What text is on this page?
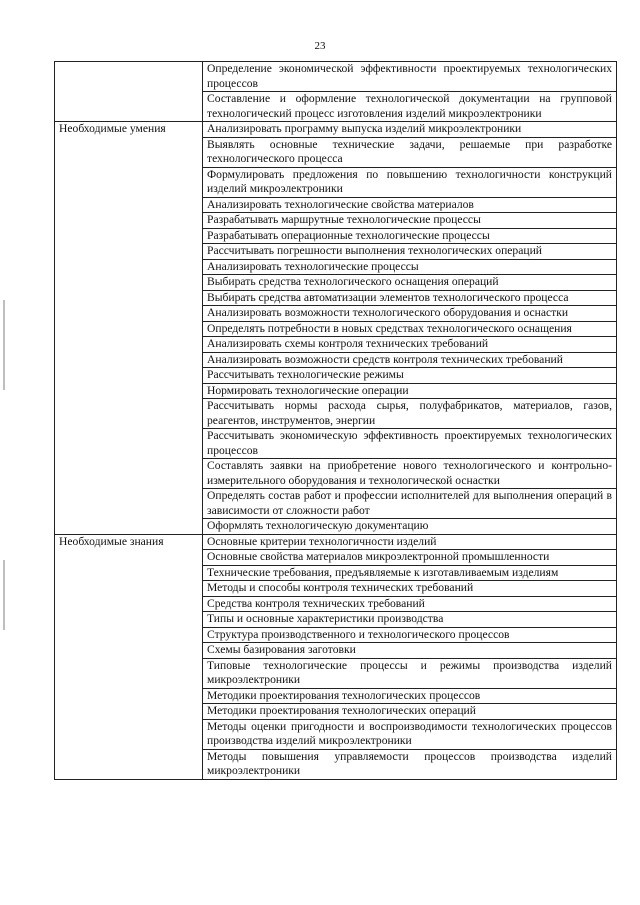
23
	Определение экономической эффективности проектируемых технологических процессов
	Составление и оформление технологической документации на групповой технологический процесс изготовления изделий микроэлектроники
Необходимые умения	Анализировать программу выпуска изделий микроэлектроники
	Выявлять основные технические задачи, решаемые при разработке технологического процесса
	Формулировать предложения по повышению технологичности конструкций изделий микроэлектроники
	Анализировать технологические свойства материалов
	Разрабатывать маршрутные технологические процессы
	Разрабатывать операционные технологические процессы
	Рассчитывать погрешности выполнения технологических операций
	Анализировать технологические процессы
	Выбирать средства технологического оснащения операций
	Выбирать средства автоматизации элементов технологического процесса
	Анализировать возможности технологического оборудования и оснастки
	Определять потребности в новых средствах технологического оснащения
	Анализировать схемы контроля технических требований
	Анализировать возможности средств контроля технических требований
	Рассчитывать технологические режимы
	Нормировать технологические операции
	Рассчитывать нормы расхода сырья, полуфабрикатов, материалов, газов, реагентов, инструментов, энергии
	Рассчитывать экономическую эффективность проектируемых технологических процессов
	Составлять заявки на приобретение нового технологического и контрольно-измерительного оборудования и технологической оснастки
	Определять состав работ и профессии исполнителей для выполнения операций в зависимости от сложности работ
	Оформлять технологическую документацию
Необходимые знания	Основные критерии технологичности изделий
	Основные свойства материалов микроэлектронной промышленности
	Технические требования, предъявляемые к изготавливаемым изделиям
	Методы и способы контроля технических требований
	Средства контроля технических требований
	Типы и основные характеристики производства
	Структура производственного и технологического процессов
	Схемы базирования заготовки
	Типовые технологические процессы и режимы производства изделий микроэлектроники
	Методики проектирования технологических процессов
	Методики проектирования технологических операций
	Методы оценки пригодности и воспроизводимости технологических процессов производства изделий микроэлектроники
	Методы повышения управляемости процессов производства изделий микроэлектроники
